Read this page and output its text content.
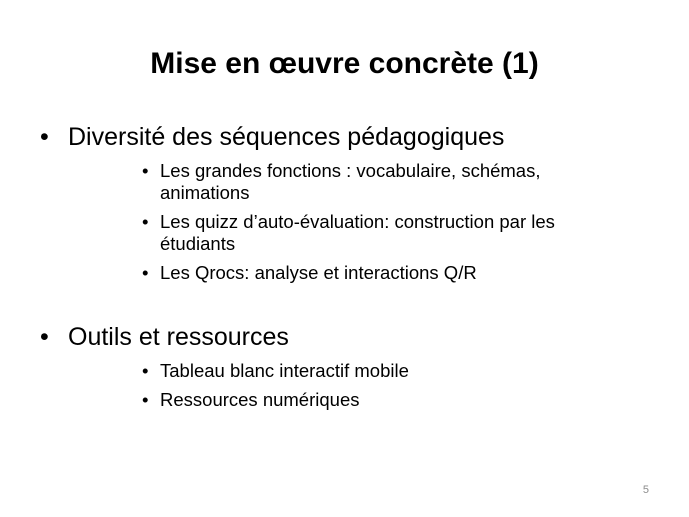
Mise en œuvre concrète (1)
• Diversité des séquences pédagogiques
• Les grandes fonctions : vocabulaire, schémas, animations
• Les quizz d’auto-évaluation: construction par les étudiants
• Les Qrocs: analyse et interactions Q/R
• Outils et ressources
• Tableau blanc interactif mobile
• Ressources numériques
5
